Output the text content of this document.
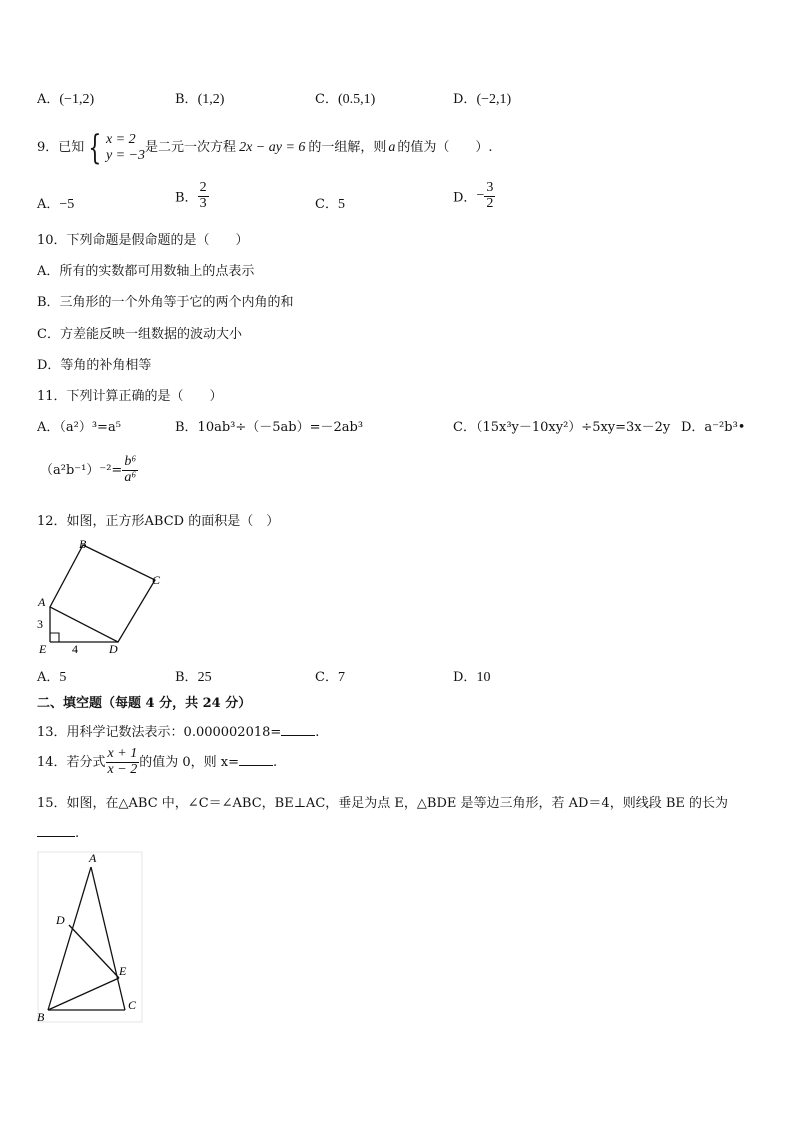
A．(−1,2)	B．(1,2)	C．(0.5,1)	D．(−2,1)
9．已知 { x = 2
y = −3 是二元一次方程 2x − ay = 6 的一组解，则 a 的值为（　　）.
A．−5	B． $\frac{2}{3}$	C．5	D．− $\frac{3}{2}$
10．下列命题是假命题的是（　　）
A．所有的实数都可用数轴上的点表示
B．三角形的一个外角等于它的两个内角的和
C．方差能反映一组数据的波动大小
D．等角的补角相等
11．下列计算正确的是（　　）
A．（a²）³=a⁵	B．10ab³÷（－5ab）=－2ab³	C．（15x³y－10xy²）÷5xy=3x－2y D．a⁻²b³•
$(a^2b^{-1})^{-2}= \frac{\text{b⁶}}{\text{a⁶}}$
12．如图，正方形ABCD 的面积是（　）
B
C
A
3
E 4	D
A．5	B．25	C．7	D．10
二、填空题（每题 4 分，共 24 分）
13．用科学记数法表示：0.000002018=	.
14．若分式 $\frac{x + 1}{x - 2}$ 的值为 0，则 x=	.
15．如图，在△ABC 中，∠C＝∠ABC，BE⊥AC，垂足为点 E，△BDE 是等边三角形，若 AD＝4，则线段 BE 的长为
.
A
D
E
B
C
